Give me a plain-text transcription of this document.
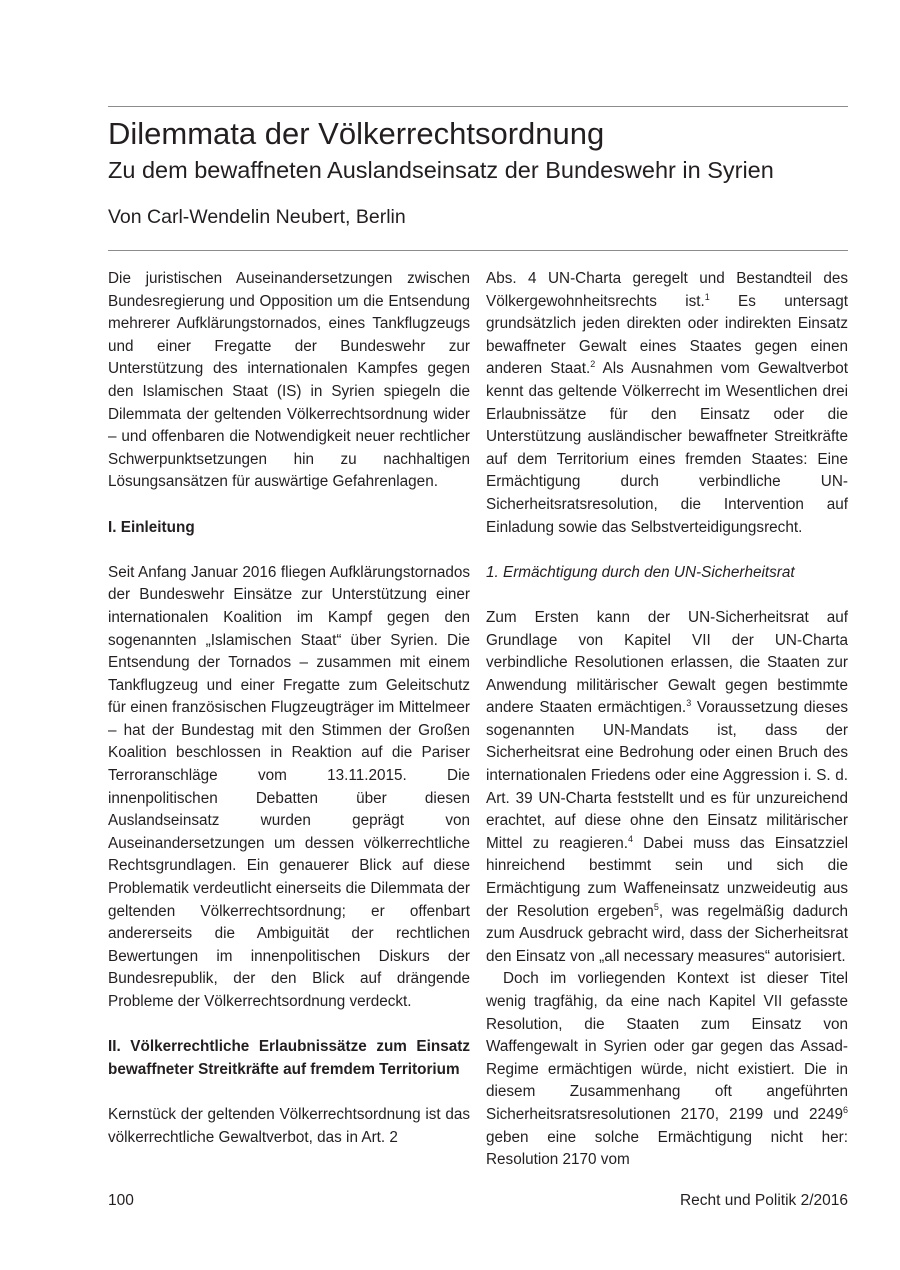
Dilemmata der Völkerrechtsordnung
Zu dem bewaffneten Auslandseinsatz der Bundeswehr in Syrien
Von Carl-Wendelin Neubert, Berlin

Die juristischen Auseinandersetzungen zwischen Bundesregierung und Opposition um die Entsendung mehrerer Aufklärungstornados, eines Tankflugzeugs und einer Fregatte der Bundeswehr zur Unterstützung des internationalen Kampfes gegen den Islamischen Staat (IS) in Syrien spiegeln die Dilemmata der geltenden Völkerrechtsordnung wider – und offenbaren die Notwendigkeit neuer rechtlicher Schwerpunktsetzungen hin zu nachhaltigen Lösungsansätzen für auswärtige Gefahrenlagen.

I. Einleitung

Seit Anfang Januar 2016 fliegen Aufklärungstornados der Bundeswehr Einsätze zur Unterstützung einer internationalen Koalition im Kampf gegen den sogenannten „Islamischen Staat“ über Syrien. Die Entsendung der Tornados – zusammen mit einem Tankflugzeug und einer Fregatte zum Geleitschutz für einen französischen Flugzeugträger im Mittelmeer – hat der Bundestag mit den Stimmen der Großen Koalition beschlossen in Reaktion auf die Pariser Terroranschläge vom 13.11.2015. Die innenpolitischen Debatten über diesen Auslandseinsatz wurden geprägt von Auseinandersetzungen um dessen völkerrechtliche Rechtsgrundlagen. Ein genauerer Blick auf diese Problematik verdeutlicht einerseits die Dilemmata der geltenden Völkerrechtsordnung; er offenbart andererseits die Ambiguität der rechtlichen Bewertungen im innenpolitischen Diskurs der Bundesrepublik, der den Blick auf drängende Probleme der Völkerrechtsordnung verdeckt.

II. Völkerrechtliche Erlaubnissätze zum Einsatz bewaffneter Streitkräfte auf fremdem Territorium

Kernstück der geltenden Völkerrechtsordnung ist das völkerrechtliche Gewaltverbot, das in Art. 2

Abs. 4 UN-Charta geregelt und Bestandteil des Völkergewohnheitsrechts ist.$^1$ Es untersagt grundsätzlich jeden direkten oder indirekten Einsatz bewaffneter Gewalt eines Staates gegen einen anderen Staat.$^2$ Als Ausnahmen vom Gewaltverbot kennt das geltende Völkerrecht im Wesentlichen drei Erlaubnissätze für den Einsatz oder die Unterstützung ausländischer bewaffneter Streitkräfte auf dem Territorium eines fremden Staates: Eine Ermächtigung durch verbindliche UN-Sicherheitsratsresolution, die Intervention auf Einladung sowie das Selbstverteidigungsrecht.

1. Ermächtigung durch den UN-Sicherheitsrat

Zum Ersten kann der UN-Sicherheitsrat auf Grundlage von Kapitel VII der UN-Charta verbindliche Resolutionen erlassen, die Staaten zur Anwendung militärischer Gewalt gegen bestimmte andere Staaten ermächtigen.$^3$ Voraussetzung dieses sogenannten UN-Mandats ist, dass der Sicherheitsrat eine Bedrohung oder einen Bruch des internationalen Friedens oder eine Aggression i. S. d. Art. 39 UN-Charta feststellt und es für unzureichend erachtet, auf diese ohne den Einsatz militärischer Mittel zu reagieren.$^4$ Dabei muss das Einsatzziel hinreichend bestimmt sein und sich die Ermächtigung zum Waffeneinsatz unzweideutig aus der Resolution ergeben$^5$, was regelmäßig dadurch zum Ausdruck gebracht wird, dass der Sicherheitsrat den Einsatz von „all necessary measures“ autorisiert.

Doch im vorliegenden Kontext ist dieser Titel wenig tragfähig, da eine nach Kapitel VII gefasste Resolution, die Staaten zum Einsatz von Waffengewalt in Syrien oder gar gegen das Assad-Regime ermächtigen würde, nicht existiert. Die in diesem Zusammenhang oft angeführten Sicherheitsratsresolutionen 2170, 2199 und 2249$^6$ geben eine solche Ermächtigung nicht her: Resolution 2170 vom

100	Recht und Politik 2/2016
